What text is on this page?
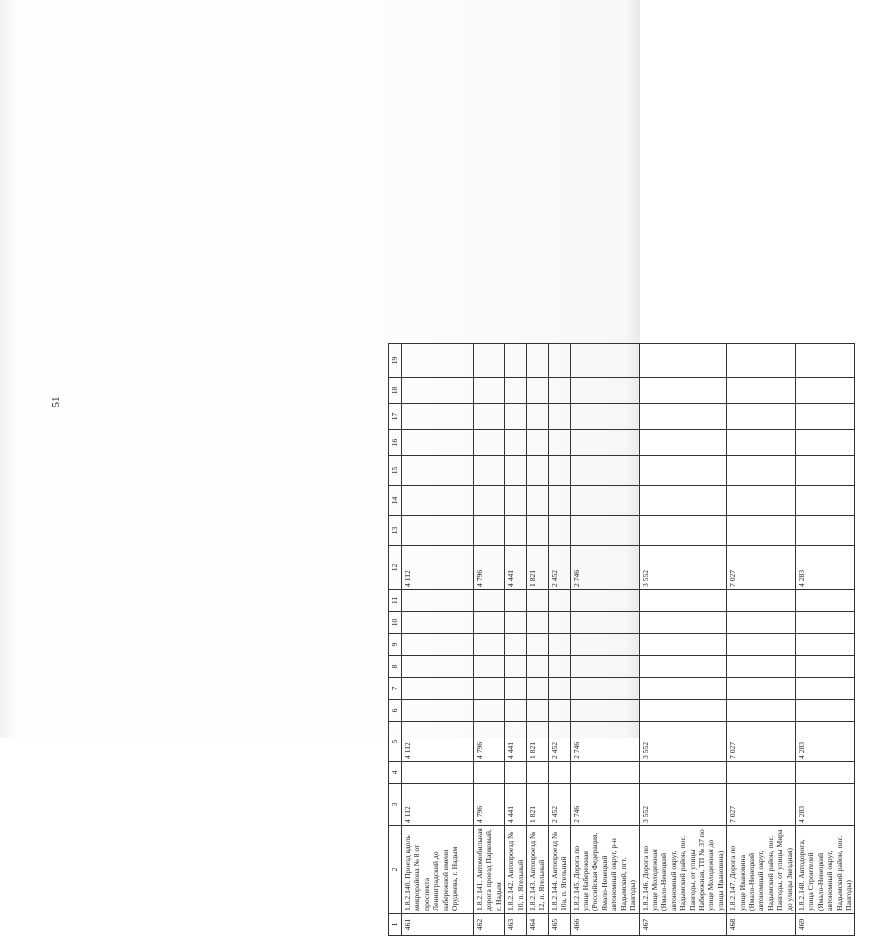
51
1	2	3	4	5	6	7	8	9	10	11	12	13	14	15	16	17	18	19
461	1.8.2.140. Проезд вдоль микрорайона № 8 от проспекта Ленинградский до набережной имени Оруджева, г. Надым	4 112		4 112							4 112							
462	1.8.2.141. Автомобильная дорога проезд Парковый, г. Надым	4 796		4 796							4 796							
463	1.8.2.142. Автопроезд № 10, п. Ягельный	4 441		4 441							4 441							
464	1.8.2.143. Автопроезд № 12, п. Ягельный	1 821		1 821							1 821							
465	1.8.2.144. Автопроезд № 10а, п. Ягельный	2 452		2 452							2 452							
466	1.8.2.145. Дорога по улице Набережная (Российская Федерация, Ямало-Ненецкий автономный округ, р-н Надымский, пгт. Пангоды)	2 746		2 746							2 746							
467	1.8.2.146. Дорога по улице Молодежная (Ямало-Ненецкий автономный округ, Надымский район, пос. Пангоды, от улицы Набережная, ТП № 37 по улице Молодежная до улицы Ивановина)	3 552		3 552							3 552							
468	1.8.2.147. Дорога по улице Ивановина (Ямало-Ненецкий автономный округ, Надымский район, пос. Пангоды, от улицы Мира до улицы Звездная)	7 027		7 027							7 027							
469	1.8.2.148. Автодорога, улица Строителей (Ямало-Ненецкий автономный округ, Надымский район, пос. Пангоды)	4 283		4 283							4 283							
